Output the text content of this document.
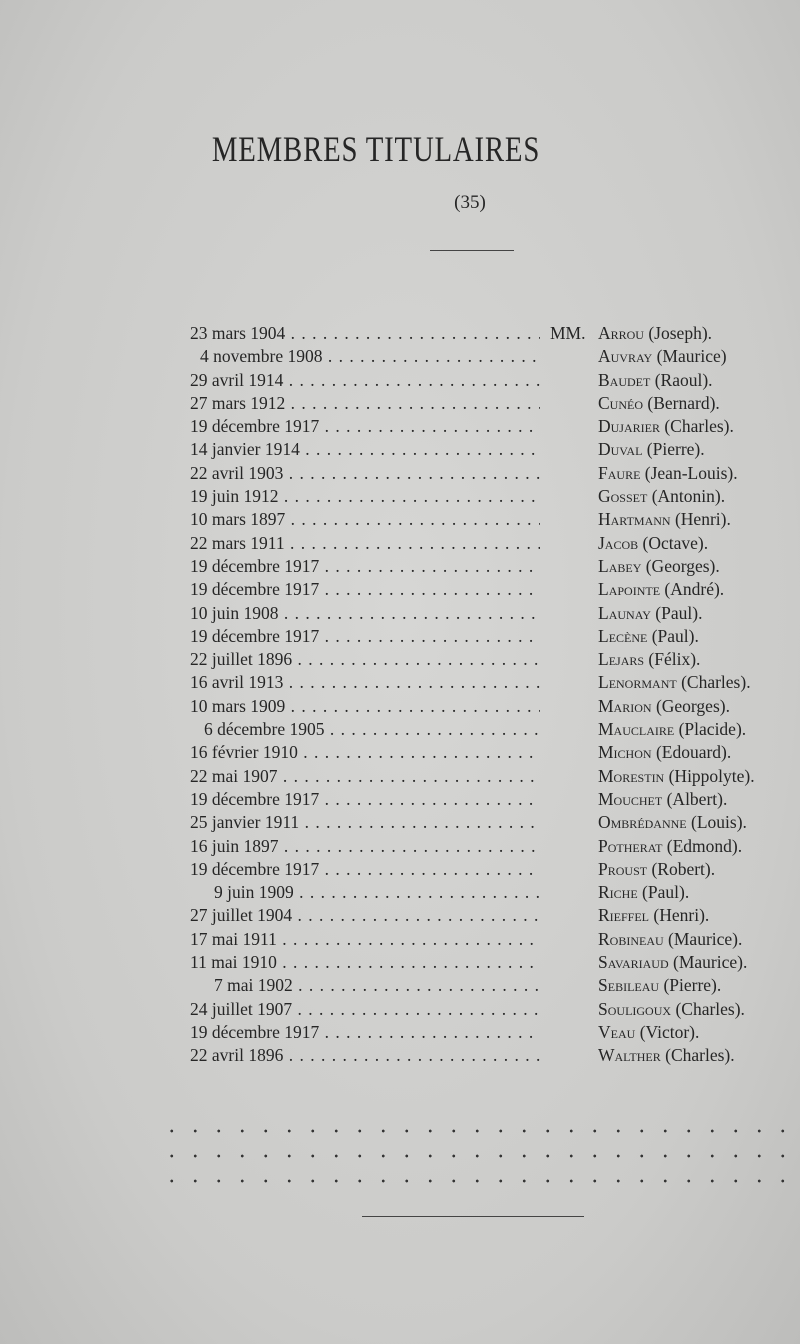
MEMBRES TITULAIRES
(35)
23 mars 1904 . . .	MM. Arrou (Joseph).
4 novembre 1908 . . .	Auvray (Maurice)
29 avril 1914 . . .	Baudet (Raoul).
27 mars 1912 . . .	Cunéo (Bernard).
19 décembre 1917 . . .	Dujarier (Charles).
14 janvier 1914 . . .	Duval (Pierre).
22 avril 1903 . . .	Faure (Jean-Louis).
19 juin 1912 . . .	Gosset (Antonin).
10 mars 1897 . . .	Hartmann (Henri).
22 mars 1911 . . .	Jacob (Octave).
19 décembre 1917 . . .	Labey (Georges).
19 décembre 1917 . . .	Lapointe (André).
10 juin 1908 . . .	Launay (Paul).
19 décembre 1917 . . .	Lecène (Paul).
22 juillet 1896 . . .	Lejars (Félix).
16 avril 1913 . . .	Lenormant (Charles).
10 mars 1909 . . .	Marion (Georges).
6 décembre 1905 . . .	Mauclaire (Placide).
16 février 1910 . . .	Michon (Edouard).
22 mai 1907 . . .	Morestin (Hippolyte).
19 décembre 1917 . . .	Mouchet (Albert).
25 janvier 1911 . . .	Ombrédanne (Louis).
16 juin 1897 . . .	Potherat (Edmond).
19 décembre 1917 . . .	Proust (Robert).
9 juin 1909 . . .	Riche (Paul).
27 juillet 1904 . . .	Rieffel (Henri).
17 mai 1911 . . .	Robineau (Maurice).
11 mai 1910 . . .	Savariaud (Maurice).
7 mai 1902 . . .	Sebileau (Pierre).
24 juillet 1907 . . .	Souligoux (Charles).
19 décembre 1917 . . .	Veau (Victor).
22 avril 1896 . . .	Walther (Charles).
